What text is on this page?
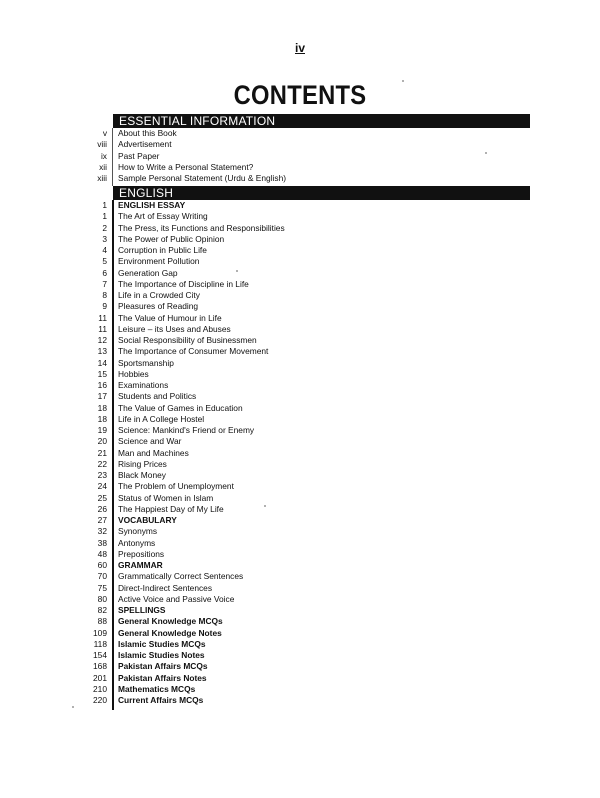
iv
CONTENTS
ESSENTIAL INFORMATION
v About this Book
viii Advertisement
ix Past Paper
xii How to Write a Personal Statement?
xiii Sample Personal Statement (Urdu & English)
ENGLISH
1 ENGLISH ESSAY
1 The Art of Essay Writing
2 The Press, its Functions and Responsibilities
3 The Power of Public Opinion
4 Corruption in Public Life
5 Environment Pollution
6 Generation Gap
7 The Importance of Discipline in Life
8 Life in a Crowded City
9 Pleasures of Reading
11 The Value of Humour in Life
11 Leisure – its Uses and Abuses
12 Social Responsibility of Businessmen
13 The Importance of Consumer Movement
14 Sportsmanship
15 Hobbies
16 Examinations
17 Students and Politics
18 The Value of Games in Education
18 Life in A College Hostel
19 Science: Mankind's Friend or Enemy
20 Science and War
21 Man and Machines
22 Rising Prices
23 Black Money
24 The Problem of Unemployment
25 Status of Women in Islam
26 The Happiest Day of My Life
27 VOCABULARY
32 Synonyms
38 Antonyms
48 Prepositions
60 GRAMMAR
70 Grammatically Correct Sentences
75 Direct-Indirect Sentences
80 Active Voice and Passive Voice
82 SPELLINGS
88 General Knowledge MCQs
109 General Knowledge Notes
118 Islamic Studies MCQs
154 Islamic Studies Notes
168 Pakistan Affairs MCQs
201 Pakistan Affairs Notes
210 Mathematics MCQs
220 Current Affairs MCQs
